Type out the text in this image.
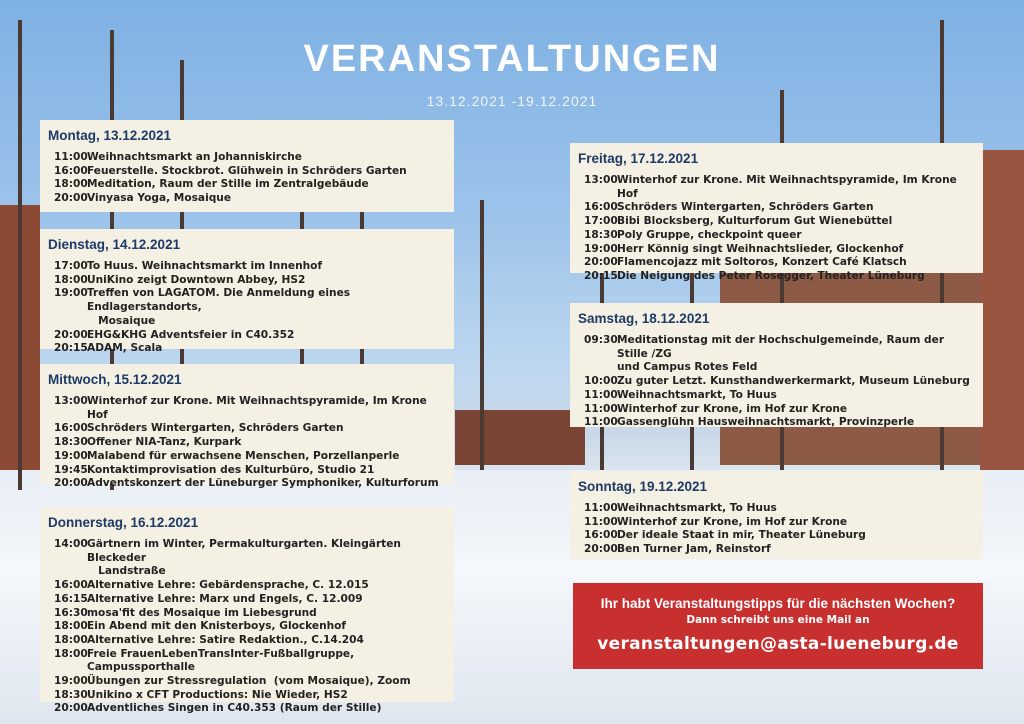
VERANSTALTUNGEN
13.12.2021 -19.12.2021
Montag, 13.12.2021
11:00 Weihnachtsmarkt an Johanniskirche
16:00 Feuerstelle. Stockbrot. Glühwein in Schröders Garten
18:00 Meditation, Raum der Stille im Zentralgebäude
20:00 Vinyasa Yoga, Mosaique
Dienstag, 14.12.2021
17:00 To Huus. Weihnachtsmarkt im Innenhof
18:00 UniKino zeigt Downtown Abbey, HS2
19:00 Treffen von LAGATOM. Die Anmeldung eines Endlagerstandorts,
Mosaique
20:00 EHG&KHG Adventsfeier in C40.352
20:15 ADAM, Scala
Mittwoch, 15.12.2021
13:00 Winterhof zur Krone. Mit Weihnachtspyramide, Im Krone Hof
16:00 Schröders Wintergarten, Schröders Garten
18:30 Offener NIA-Tanz, Kurpark
19:00 Malabend für erwachsene Menschen, Porzellanperle
19:45 Kontaktimprovisation des Kulturbüro, Studio 21
20:00 Adventskonzert der Lüneburger Symphoniker, Kulturforum
Donnerstag, 16.12.2021
14:00 Gärtnern im Winter, Permakulturgarten. Kleingärten Bleckeder
Landstraße
16:00 Alternative Lehre: Gebärdensprache, C. 12.015
16:15 Alternative Lehre: Marx und Engels, C. 12.009
16:30 mosa'fit des Mosaique im Liebesgrund
18:00 Ein Abend mit den Knisterboys, Glockenhof
18:00 Alternative Lehre: Satire Redaktion., C.14.204
18:00 Freie FrauenLebenTransInter-Fußballgruppe, Campussporthalle
19:00 Übungen zur Stressregulation  (vom Mosaique), Zoom
18:30 Unikino x CFT Productions: Nie Wieder, HS2
20:00 Adventliches Singen in C40.353 (Raum der Stille)
Freitag, 17.12.2021
13:00 Winterhof zur Krone. Mit Weihnachtspyramide, Im Krone Hof
16:00 Schröders Wintergarten, Schröders Garten
17:00 Bibi Blocksberg, Kulturforum Gut Wienebüttel
18:30 Poly Gruppe, checkpoint queer
19:00 Herr Könnig singt Weihnachtslieder, Glockenhof
20:00 Flamencojazz mit Soltoros, Konzert Café Klatsch
20:15 Die Neigung des Peter Rosegger, Theater Lüneburg
Samstag, 18.12.2021
09:30 Meditationstag mit der Hochschulgemeinde, Raum der Stille /ZG
und Campus Rotes Feld
10:00 Zu guter Letzt. Kunsthandwerkermarkt, Museum Lüneburg
11:00 Weihnachtsmarkt, To Huus
11:00 Winterhof zur Krone, im Hof zur Krone
11:00 Gassenglühn Hausweihnachtsmarkt, Provinzperle
Sonntag, 19.12.2021
11:00 Weihnachtsmarkt, To Huus
11:00 Winterhof zur Krone, im Hof zur Krone
16:00 Der ideale Staat in mir, Theater Lüneburg
20:00 Ben Turner Jam, Reinstorf
Ihr habt Veranstaltungstipps für die nächsten Wochen?
Dann schreibt uns eine Mail an
veranstaltungen@asta-lueneburg.de
